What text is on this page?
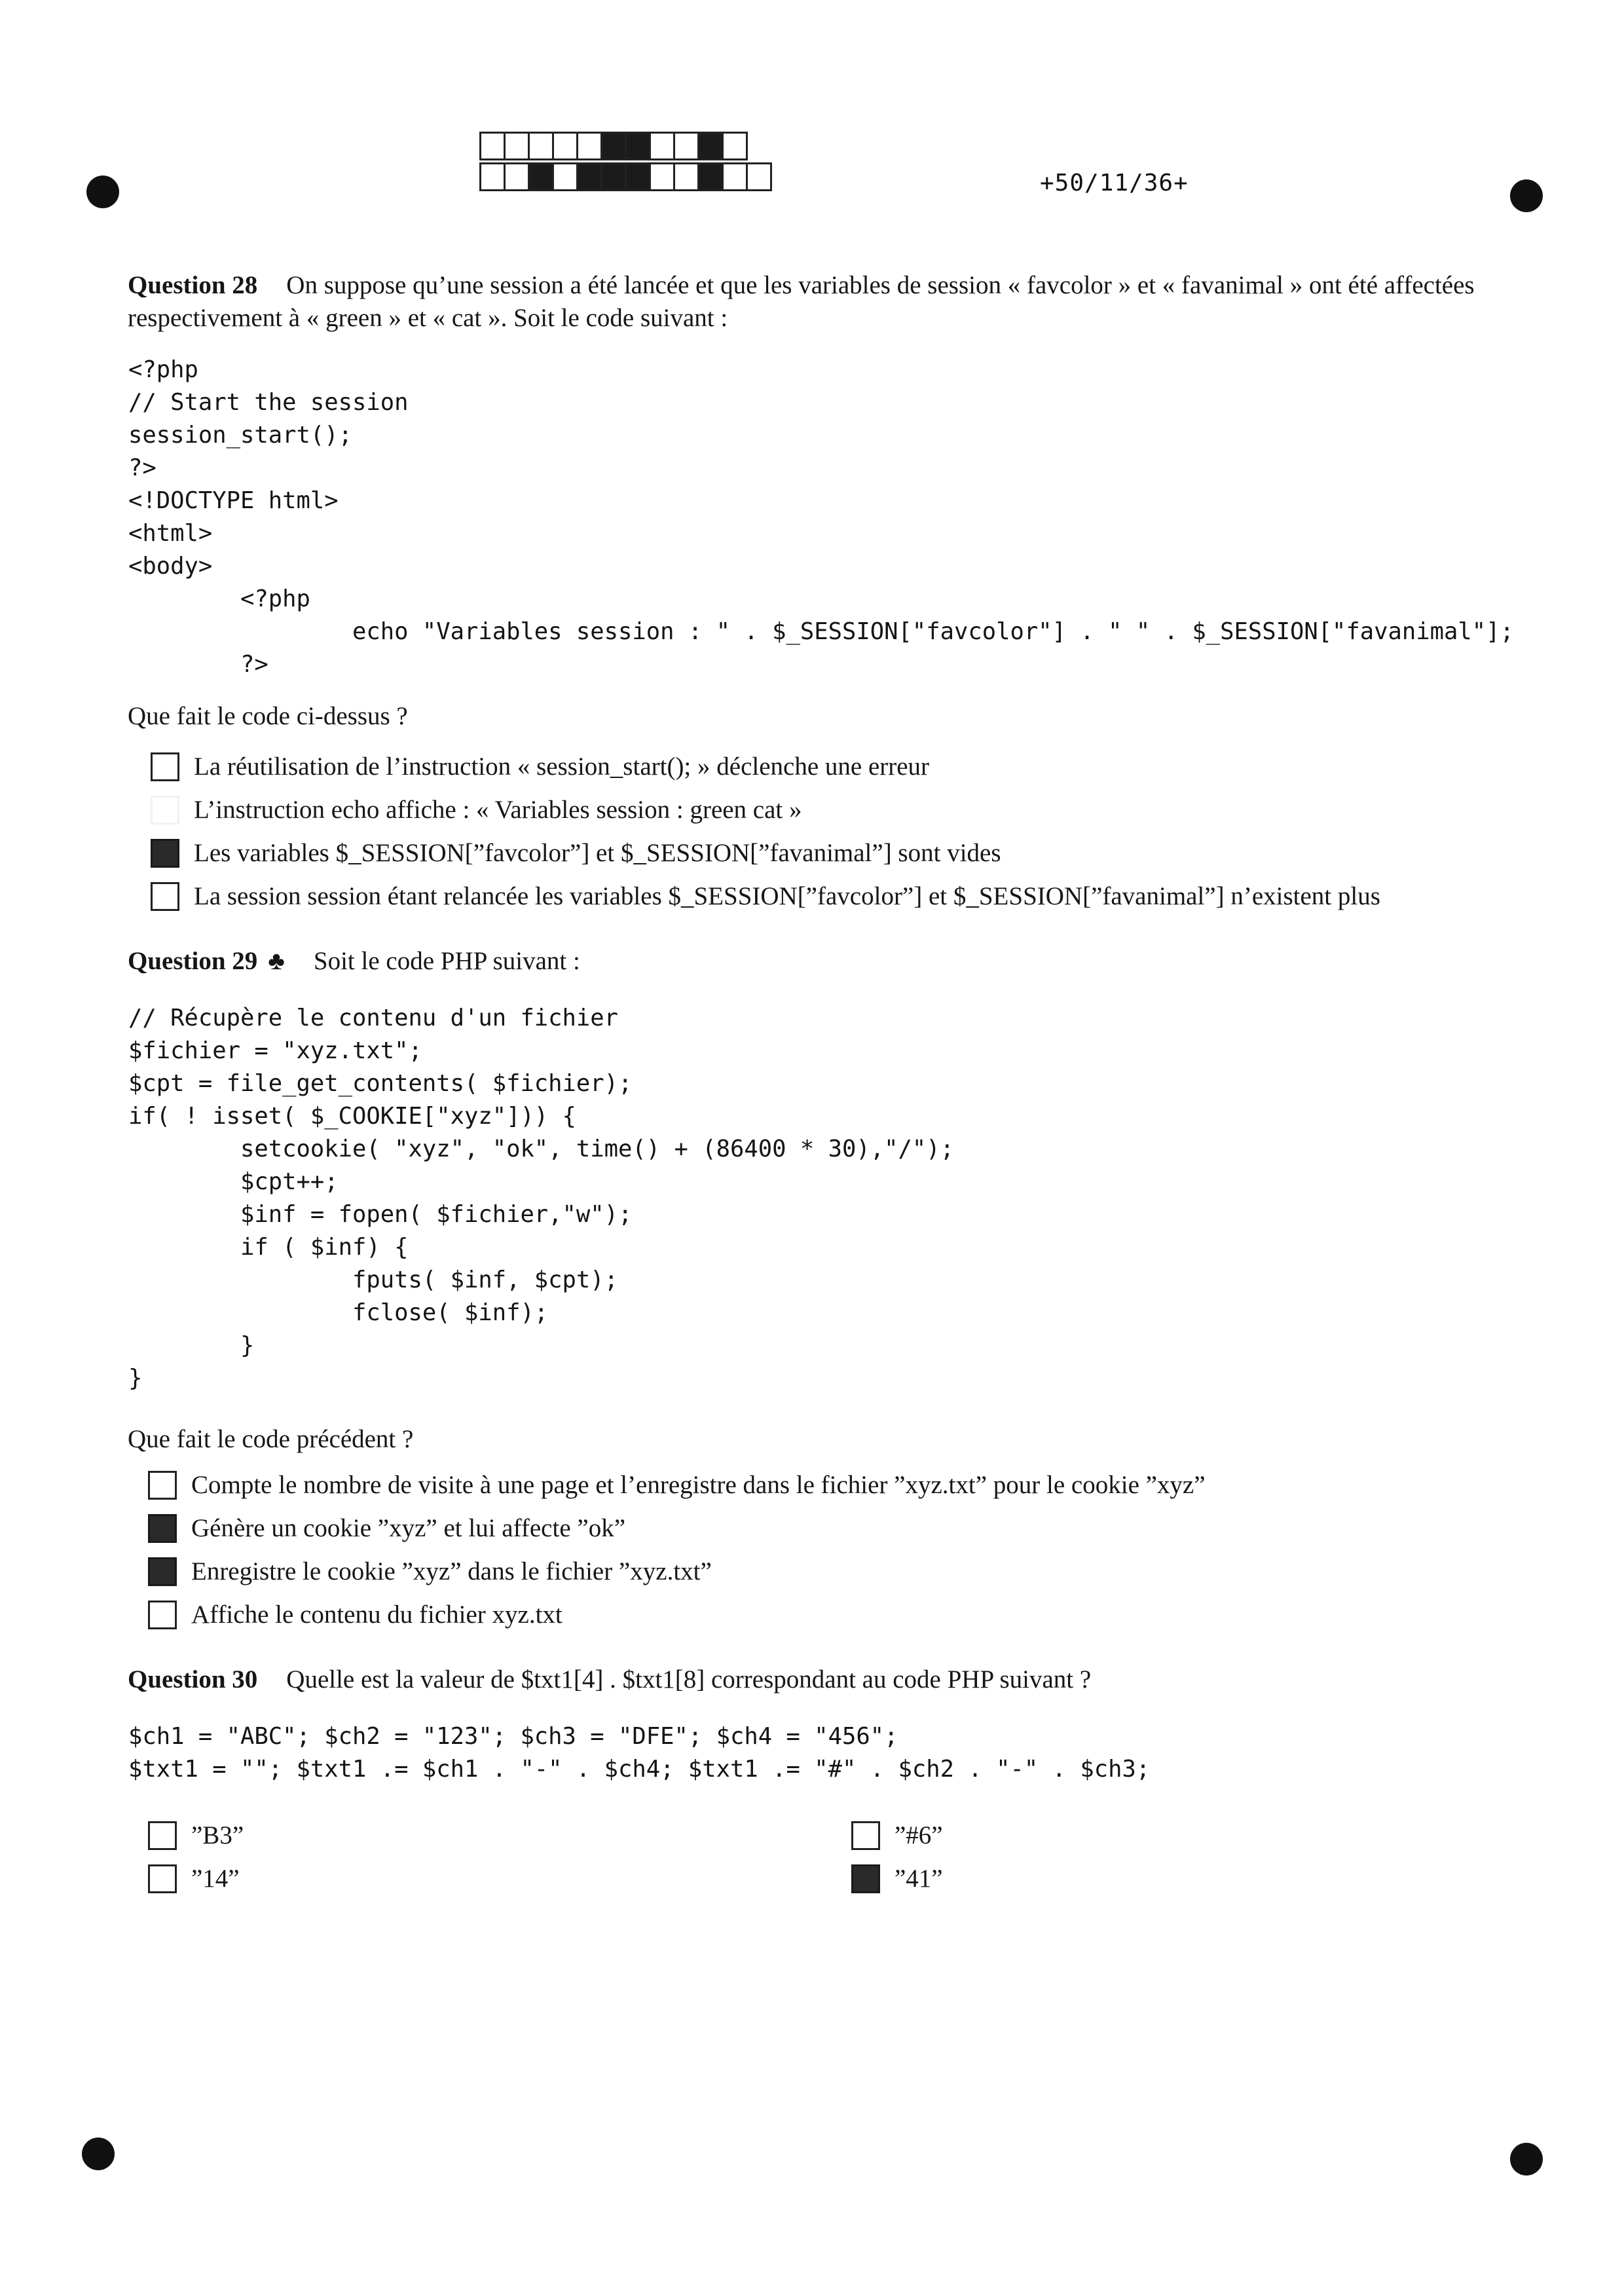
+50/11/36+
Question 28 On suppose qu’une session a été lancée et que les variables de session « favcolor » et « favanimal » ont été affectées respectivement à « green » et « cat ». Soit le code suivant :
<?php
// Start the session
session_start();
?>
<!DOCTYPE html>
<html>
<body>
<?php
echo "Variables session : " . $_SESSION["favcolor"] . " " . $_SESSION["favanimal"];
?>
Que fait le code ci-dessus ?
La réutilisation de l’instruction « session_start(); » déclenche une erreur
L’instruction echo affiche : « Variables session : green cat »
Les variables $_SESSION[”favcolor”] et $_SESSION[”favanimal”] sont vides
La session session étant relancée les variables $_SESSION[”favcolor”] et $_SESSION[”favanimal”] n’existent plus
Question 29 ♣ Soit le code PHP suivant :
// Récupère le contenu d'un fichier
$fichier = "xyz.txt";
$cpt = file_get_contents( $fichier);
if( ! isset( $_COOKIE["xyz"])) {
setcookie( "xyz", "ok", time() + (86400 * 30),"/");
$cpt++;
$inf = fopen( $fichier,"w");
if ( $inf) {
fputs( $inf, $cpt);
fclose( $inf);
}
}
Que fait le code précédent ?
Compte le nombre de visite à une page et l’enregistre dans le fichier ”xyz.txt” pour le cookie ”xyz”
Génère un cookie ”xyz” et lui affecte ”ok”
Enregistre le cookie ”xyz” dans le fichier ”xyz.txt”
Affiche le contenu du fichier xyz.txt
Question 30 Quelle est la valeur de $txt1[4] . $txt1[8] correspondant au code PHP suivant ?
$ch1 = "ABC"; $ch2 = "123"; $ch3 = "DFE"; $ch4 = "456";
$txt1 = ""; $txt1 .= $ch1 . "-" . $ch4; $txt1 .= "#" . $ch2 . "-" . $ch3;
”B3”
”14”
”#6”
”41”
